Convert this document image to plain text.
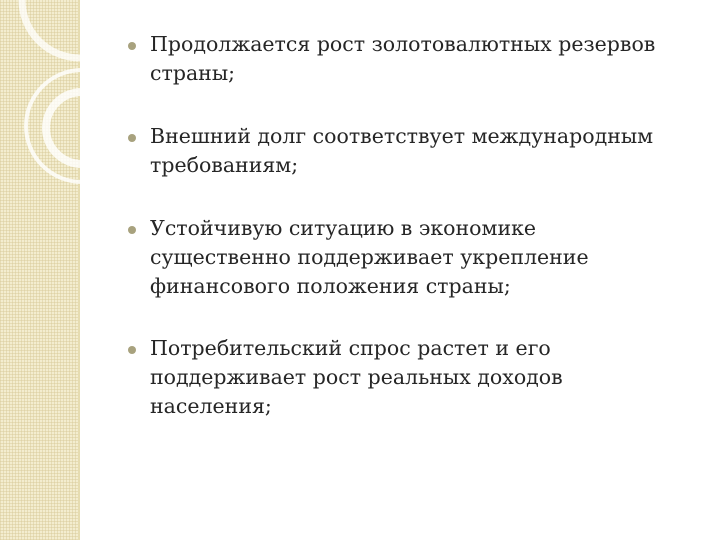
Продолжается рост золотовалютных резервов
страны;
Внешний долг соответствует международным
требованиям;
Устойчивую ситуацию в экономике
существенно поддерживает укрепление
финансового положения страны;
Потребительский спрос растет и его
поддерживает рост реальных доходов
населения;
